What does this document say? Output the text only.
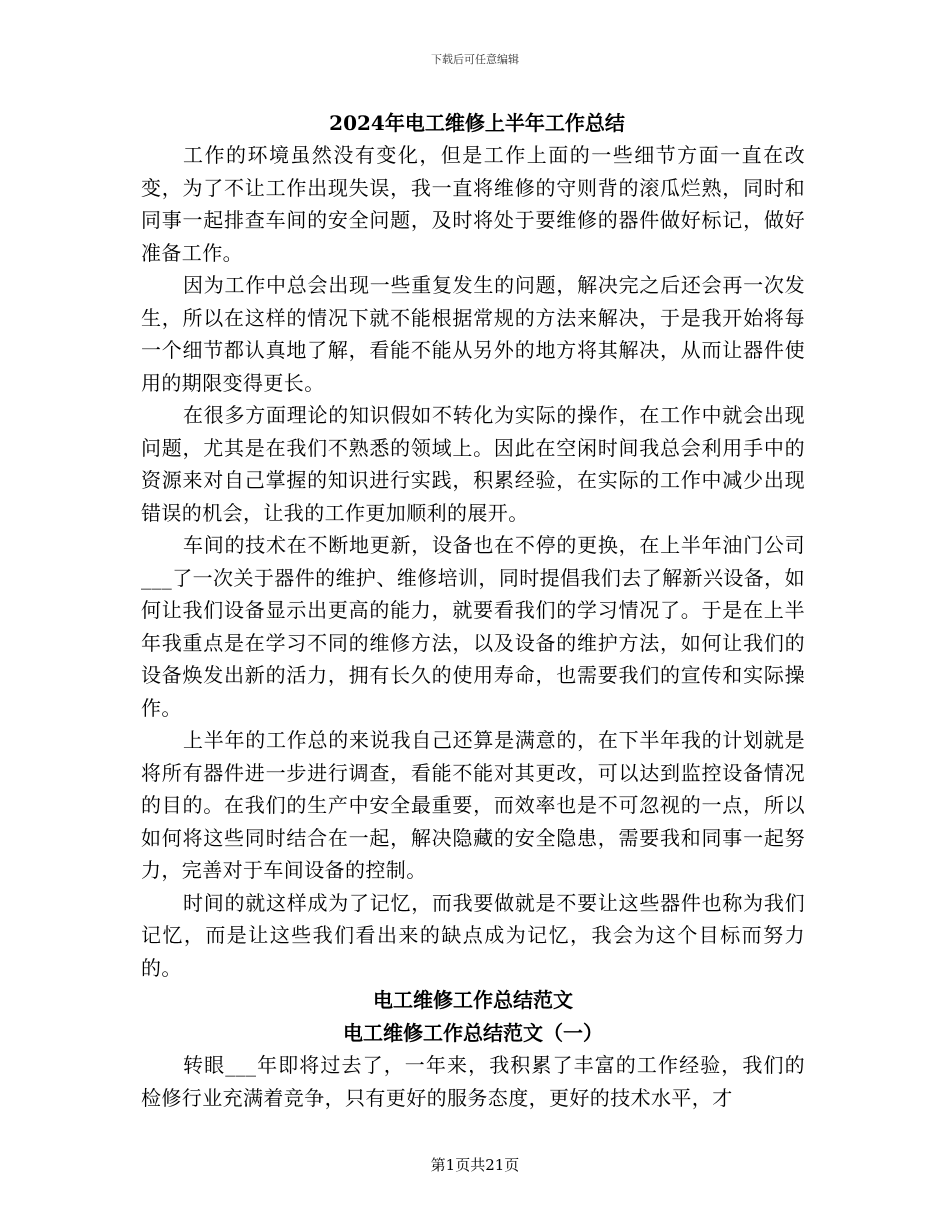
下载后可任意编辑
2024年电工维修上半年工作总结

工作的环境虽然没有变化，但是工作上面的一些细节方面一直在改变，为了不让工作出现失误，我一直将维修的守则背的滚瓜烂熟，同时和同事一起排查车间的安全问题，及时将处于要维修的器件做好标记，做好准备工作。

因为工作中总会出现一些重复发生的问题，解决完之后还会再一次发生，所以在这样的情况下就不能根据常规的方法来解决，于是我开始将每一个细节都认真地了解，看能不能从另外的地方将其解决，从而让器件使用的期限变得更长。

在很多方面理论的知识假如不转化为实际的操作，在工作中就会出现问题，尤其是在我们不熟悉的领域上。因此在空闲时间我总会利用手中的资源来对自己掌握的知识进行实践，积累经验，在实际的工作中减少出现错误的机会，让我的工作更加顺利的展开。

车间的技术在不断地更新，设备也在不停的更换，在上半年油门公司___了一次关于器件的维护、维修培训，同时提倡我们去了解新兴设备，如何让我们设备显示出更高的能力，就要看我们的学习情况了。于是在上半年我重点是在学习不同的维修方法，以及设备的维护方法，如何让我们的设备焕发出新的活力，拥有长久的使用寿命，也需要我们的宣传和实际操作。

上半年的工作总的来说我自己还算是满意的，在下半年我的计划就是将所有器件进一步进行调查，看能不能对其更改，可以达到监控设备情况的目的。在我们的生产中安全最重要，而效率也是不可忽视的一点，所以如何将这些同时结合在一起，解决隐藏的安全隐患，需要我和同事一起努力，完善对于车间设备的控制。

时间的就这样成为了记忆，而我要做就是不要让这些器件也称为我们记忆，而是让这些我们看出来的缺点成为记忆，我会为这个目标而努力的。

电工维修工作总结范文
电工维修工作总结范文（一）

转眼___年即将过去了，一年来，我积累了丰富的工作经验，我们的检修行业充满着竞争，只有更好的服务态度，更好的技术水平，才

第1页共21页
